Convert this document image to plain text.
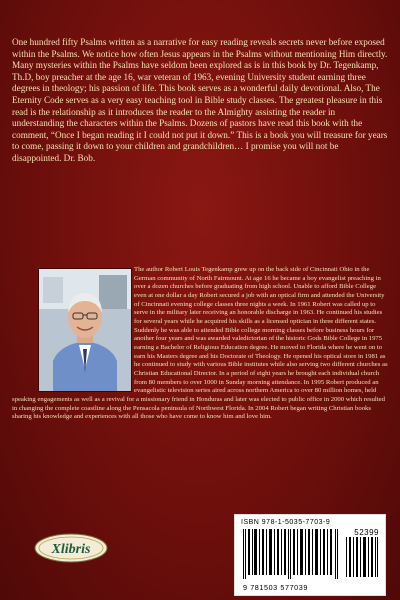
One hundred fifty Psalms written as a narrative for easy reading reveals secrets never before exposed within the Psalms. We notice how often Jesus appears in the Psalms without mentioning Him directly. Many mysteries within the Psalms have seldom been explored as is in this book by Dr. Tegenkamp, Th.D, boy preacher at the age 16, war veteran of 1963, evening University student earning three degrees in theology; his passion of life. This book serves as a wonderful daily devotional. Also, The Eternity Code serves as a very easy teaching tool in Bible study classes. The greatest pleasure in this read is the relationship as it introduces the reader to the Almighty assisting the reader in understanding the characters within the Psalms. Dozens of pastors have read this book with the comment, “Once I began reading it I could not put it down.” This is a book you will treasure for years to come, passing it down to your children and grandchildren… I promise you will not be disappointed. Dr. Bob.
The author Robert Louis Tegenkamp grew up on the back side of Cincinnati Ohio in the German community of North Fairmount. At age 16 he became a boy evangelist preaching in over a dozen churches before graduating from high school. Unable to afford Bible College even at one dollar a day Robert secured a job with an optical firm and attended the University of Cincinnati evening college classes three nights a week. In 1961 Robert was called up to serve in the military later receiving an honorable discharge in 1963. He continued his studies for several years while he acquired his skills as a licensed optician in three different states. Suddenly he was able to attended Bible college morning classes before business hours for another four years and was awarded valedictorian of the historic Gods Bible College in 1975 earning a Bachelor of Religious Education degree. He moved to Florida where he went on to earn his Masters degree and his Doctorate of Theology. He opened his optical store in 1981 as he continued to study with various Bible institutes while also serving two different churches as Christian Educational Director. In a period of eight years he brought each individual church from 80 members to over 1000 in Sunday morning attendance. In 1995 Robert produced an evangelistic television series aired across northern America to over 80 million homes, held speaking engagements as well as a revival for a missionary friend in Honduras and later was elected to public office in 2000 which resulted in changing the complete coastline along the Pensacola peninsula of Northwest Florida. In 2004 Robert began writing Christian books sharing his knowledge and experiences with all those who have come to know him and love him.
Xlibris
ISBN 978-1-5035-7703-9
52399
9 781503 577039
